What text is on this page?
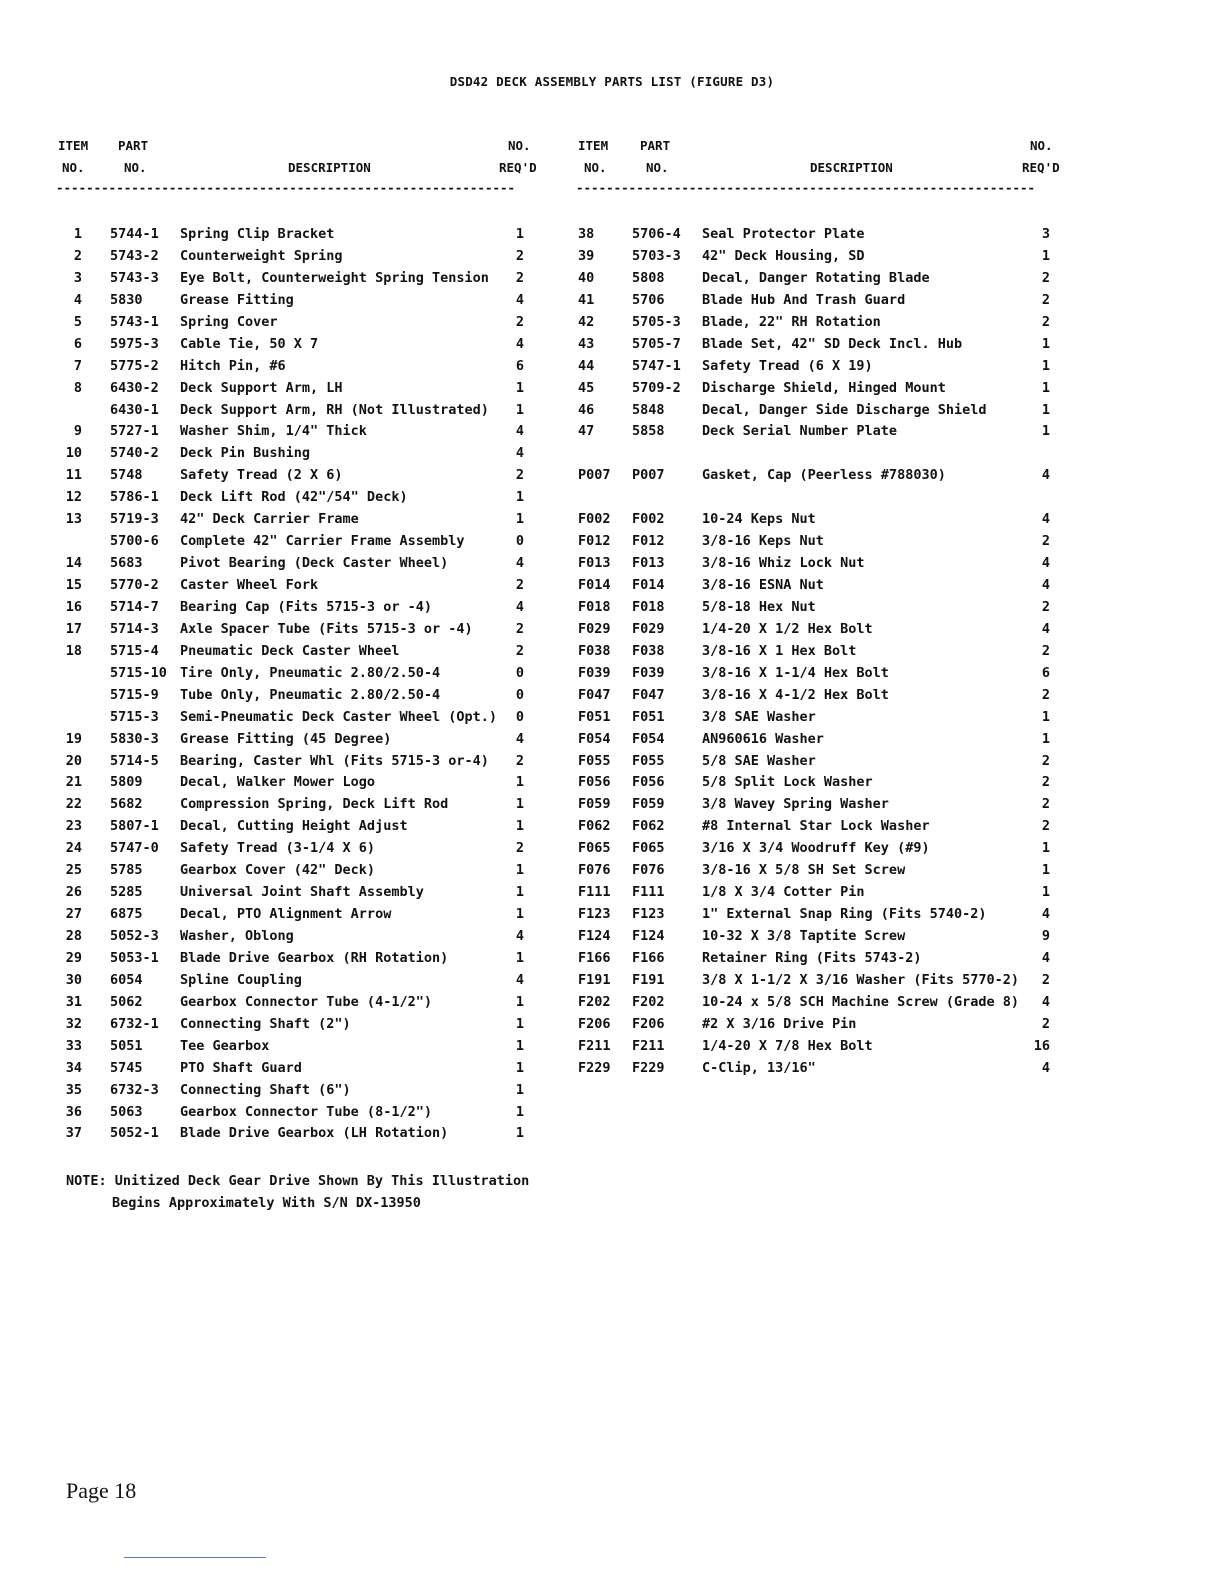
DSD42 DECK ASSEMBLY PARTS LIST (FIGURE D3)
ITEM
NO.
PART
NO.	DESCRIPTION
NO.
REQ'D
-------------------------------------------------------------
1 5744-1 Spring Clip Bracket	1
2 5743-2 Counterweight Spring	2
3 5743-3 Eye Bolt, Counterweight Spring Tension	2
4 5830	Grease Fitting	4
5 5743-1 Spring Cover	2
6 5975-3 Cable Tie, 50 X 7	4
7 5775-2 Hitch Pin, #6	6
8 6430-2 Deck Support Arm, LH	1
6430-1 Deck Support Arm, RH (Not Illustrated)	1
9 5727-1 Washer Shim, 1/4" Thick	4
10 5740-2 Deck Pin Bushing	4
11 5748	Safety Tread (2 X 6)	2
12 5786-1 Deck Lift Rod (42"/54" Deck)	1
13 5719-3 42" Deck Carrier Frame	1
5700-6 Complete 42" Carrier Frame Assembly	0
14 5683	Pivot Bearing (Deck Caster Wheel)	4
15 5770-2 Caster Wheel Fork	2
16 5714-7 Bearing Cap (Fits 5715-3 or -4)	4
17 5714-3 Axle Spacer Tube (Fits 5715-3 or -4)	2
18 5715-4 Pneumatic Deck Caster Wheel	2
5715-10 Tire Only, Pneumatic 2.80/2.50-4	0
5715-9 Tube Only, Pneumatic 2.80/2.50-4	0
5715-3 Semi-Pneumatic Deck Caster Wheel (Opt.)	0
19 5830-3 Grease Fitting (45 Degree)	4
20 5714-5 Bearing, Caster Whl (Fits 5715-3 or-4)	2
21 5809	Decal, Walker Mower Logo	1
22 5682	Compression Spring, Deck Lift Rod	1
23 5807-1 Decal, Cutting Height Adjust	1
24 5747-0 Safety Tread (3-1/4 X 6)	2
25 5785	Gearbox Cover (42" Deck)	1
26 5285	Universal Joint Shaft Assembly	1
27 6875	Decal, PTO Alignment Arrow	1
28 5052-3 Washer, Oblong	4
29 5053-1 Blade Drive Gearbox (RH Rotation)	1
30 6054	Spline Coupling	4
31 5062	Gearbox Connector Tube (4-1/2")	1
32 6732-1 Connecting Shaft (2")	1
33 5051	Tee Gearbox	1
34 5745	PTO Shaft Guard	1
35 6732-3 Connecting Shaft (6")	1
36 5063	Gearbox Connector Tube (8-1/2")	1
37 5052-1 Blade Drive Gearbox (LH Rotation)	1
ITEM
NO.
PART
NO.	DESCRIPTION
NO.
REQ'D
-------------------------------------------------------------
38	5706-4 Seal Protector Plate	3
39	5703-3 42" Deck Housing, SD	1
40	5808	Decal, Danger Rotating Blade	2
41	5706	Blade Hub And Trash Guard	2
42	5705-3 Blade, 22" RH Rotation	2
43	5705-7 Blade Set, 42" SD Deck Incl. Hub	1
44	5747-1 Safety Tread (6 X 19)	1
45	5709-2 Discharge Shield, Hinged Mount	1
46	5848	Decal, Danger Side Discharge Shield	1
47	5858	Deck Serial Number Plate	1
P007 P007	Gasket, Cap (Peerless #788030)	4
F002 F002	10-24 Keps Nut	4
F012 F012	3/8-16 Keps Nut	2
F013 F013	3/8-16 Whiz Lock Nut	4
F014 F014	3/8-16 ESNA Nut	4
F018 F018	5/8-18 Hex Nut	2
F029 F029	1/4-20 X 1/2 Hex Bolt	4
F038 F038	3/8-16 X 1 Hex Bolt	2
F039 F039	3/8-16 X 1-1/4 Hex Bolt	6
F047 F047	3/8-16 X 4-1/2 Hex Bolt	2
F051 F051	3/8 SAE Washer	1
F054 F054	AN960616 Washer	1
F055 F055	5/8 SAE Washer	2
F056 F056	5/8 Split Lock Washer	2
F059 F059	3/8 Wavey Spring Washer	2
F062 F062	#8 Internal Star Lock Washer	2
F065 F065	3/16 X 3/4 Woodruff Key (#9)	1
F076 F076	3/8-16 X 5/8 SH Set Screw	1
F111 F111	1/8 X 3/4 Cotter Pin	1
F123 F123	1" External Snap Ring (Fits 5740-2)	4
F124 F124	10-32 X 3/8 Taptite Screw	9
F166 F166	Retainer Ring (Fits 5743-2)	4
F191 F191	3/8 X 1-1/2 X 3/16 Washer (Fits 5770-2)	2
F202 F202	10-24 x 5/8 SCH Machine Screw (Grade 8)	4
F206 F206	#2 X 3/16 Drive Pin	2
F211 F211	1/4-20 X 7/8 Hex Bolt	16
F229 F229	C-Clip, 13/16"	4
NOTE: Unitized Deck Gear Drive Shown By This Illustration
Begins Approximately With S/N DX-13950
Page 18
